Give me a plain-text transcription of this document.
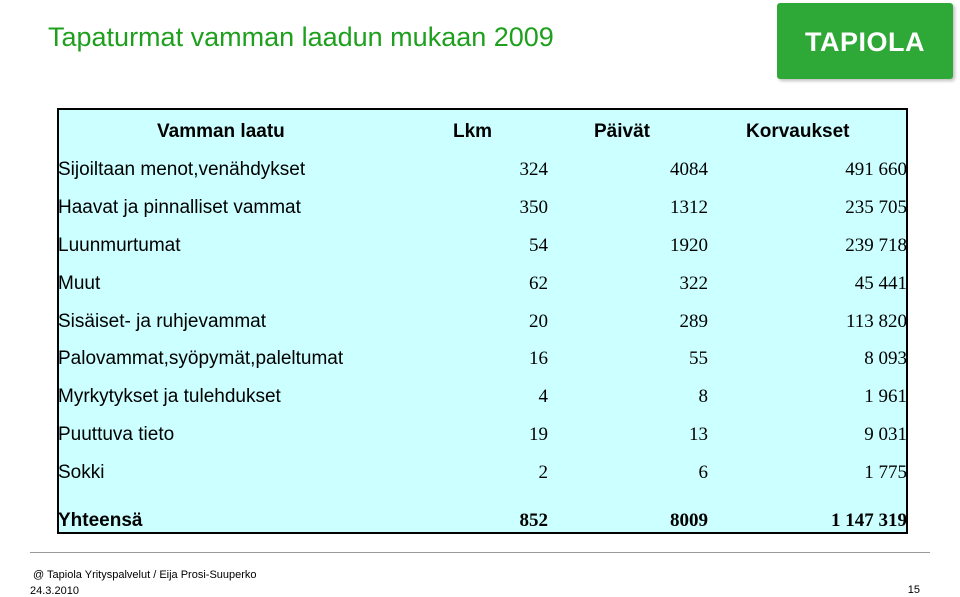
Tapaturmat vamman laadun mukaan 2009	TAPIOLA
Vamman laatu	Lkm	Päivät	Korvaukset
Sijoiltaan menot,venähdykset	324	4084	491 660
Haavat ja pinnalliset vammat	350	1312	235 705
Luunmurtumat	54	1920	239 718
Muut	62	322	45 441
Sisäiset- ja ruhjevammat	20	289	113 820
Palovammat,syöpymät,paleltumat	16	55	8 093
Myrkytykset ja tulehdukset	4	8	1 961
Puuttuva tieto	19	13	9 031
Sokki	2	6	1 775
Yhteensä	852	8009	1 147 319
@ Tapiola Yrityspalvelut / Eija Prosi-Suuperko
24.3.2010	15
